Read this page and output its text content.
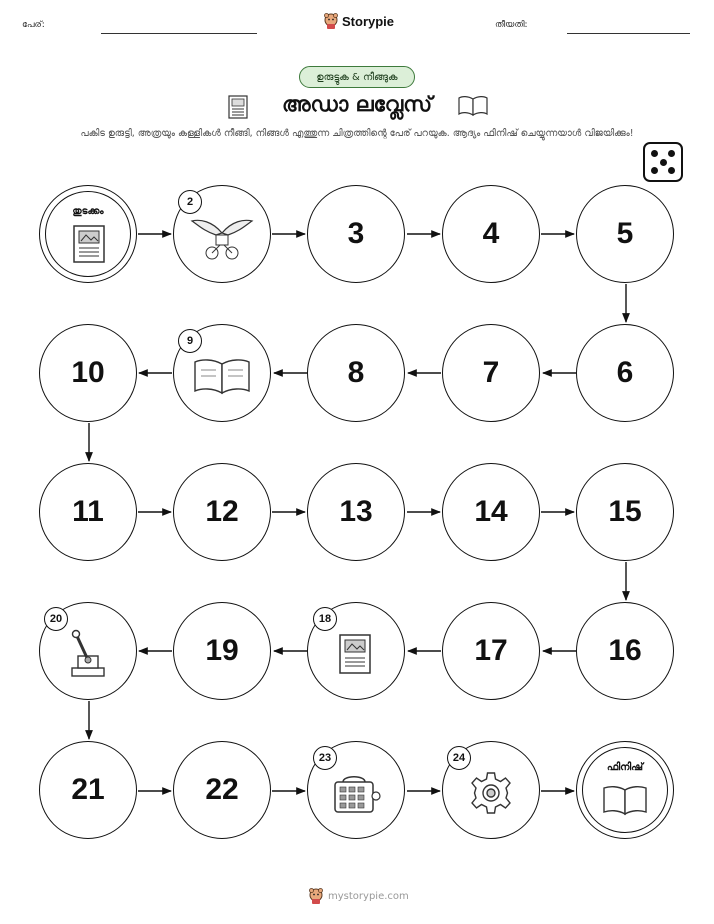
പേര്:	Storypie	തീയതി:
ഉരുട്ടുക & നീങ്ങുക
അഡാ ലവ്ലേസ്
പകിട ഉരുട്ടി, അത്രയും കള്ളികൾ നീങ്ങി, നിങ്ങൾ എത്തുന്ന ചിത്രത്തിന്റെ പേര് പറയുക. ആദ്യം ഫിനിഷ് ചെയ്യുന്നയാൾ വിജയിക്കും!
തുടക്കം
2
3	4	5
10
9
8	7	6
11	12	13	14	15
20
19
18
17	16
21	22
23	24
ഫിനിഷ്
mystorypie.com
